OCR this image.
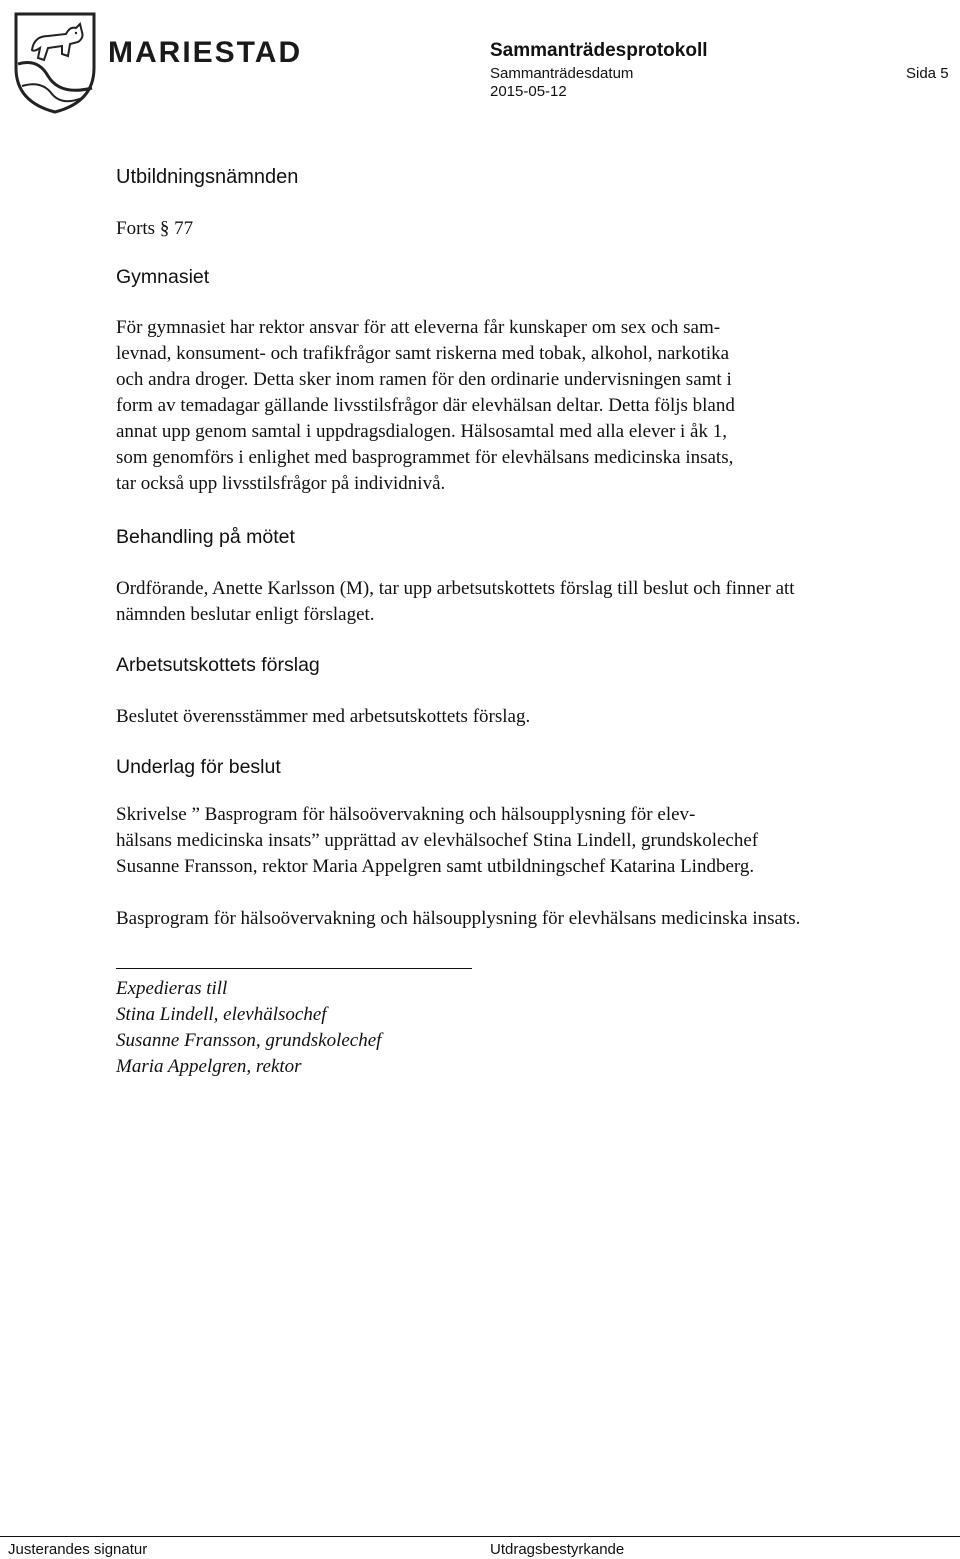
MARIESTAD	Sammanträdesprotokoll
Sammanträdesdatum	Sida 5
2015-05-12
Utbildningsnämnden
Forts § 77
Gymnasiet
För gymnasiet har rektor ansvar för att eleverna får kunskaper om sex och sam-
levnad, konsument- och trafikfrågor samt riskerna med tobak, alkohol, narkotika
och andra droger. Detta sker inom ramen för den ordinarie undervisningen samt i
form av temadagar gällande livsstilsfrågor där elevhälsan deltar. Detta följs bland
annat upp genom samtal i uppdragsdialogen. Hälsosamtal med alla elever i åk 1,
som genomförs i enlighet med basprogrammet för elevhälsans medicinska insats,
tar också upp livsstilsfrågor på individnivå.
Behandling på mötet
Ordförande, Anette Karlsson (M), tar upp arbetsutskottets förslag till beslut och finner att
nämnden beslutar enligt förslaget.
Arbetsutskottets förslag
Beslutet överensstämmer med arbetsutskottets förslag.
Underlag för beslut
Skrivelse ” Basprogram för hälsoövervakning och hälsoupplysning för elev-
hälsans medicinska insats” upprättad av elevhälsochef Stina Lindell, grundskolechef
Susanne Fransson, rektor Maria Appelgren samt utbildningschef Katarina Lindberg.
Basprogram för hälsoövervakning och hälsoupplysning för elevhälsans medicinska insats.
Expedieras till
Stina Lindell, elevhälsochef
Susanne Fransson, grundskolechef
Maria Appelgren, rektor
Justerandes signatur	Utdragsbestyrkande
